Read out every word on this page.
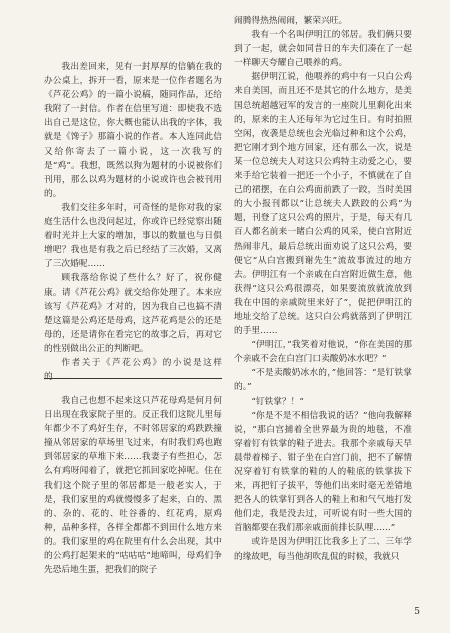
我出差回来，见有一封厚厚的信躺在我的办公桌上，拆开一看，原来是一位作者题名为《芦花公鸡》的一篇小说稿，随同作品，还给我附了一封信。作者在信里写道：即使我不选出自己是这位，你大概也能认出我的字体，我就是《馋子》那篇小说的作者。本人连同此信又给你寄去了一篇小说，这一次我写的是“鸡”。我想，既然以狗为题材的小说被你们刊用，那么以鸡为题材的小说或许也会被刊用的。

我们交往多年时，可奇怪的是你对我的家庭生活什么也没问起过，你或许已经觉察出随着时光并上大家的增加，事以的数量也与日俱增吧？我也是有我之后已经结了三次婚，又离了三次婚呢……

顾我落给你说了些什么？好了，祝你健康。请《芦花公鸡》就交给你处理了。本来应该写《芦花鸡》才对的，因为我自己也搞不清楚这篇是公鸡还是母鸡，这芦花鸡是公的还是母的，还是请你在看完它的故事之后，再对它的性别做出公正的判断吧。

作者关于《芦花公鸡》的小说是这样的……

我自己也想不起来这只芦花母鸡是何月何日出现在我家院子里的。反正我们这院儿里每年都少不了鸡好生存，不时邻居家的鸡跌跌撞撞从邻居家的草场里飞过来，有时我们鸡也跑到邻居家的草堆下来……我妻子有些担心，怎么有鸡呀闻着了，就把它抓回家吃掉呢。住在我们这个院子里的邻居都是一般老实人，于是，我们家里的鸡就慢慢多了起来，白的、黑的、杂的、花的、吐谷番的、红花鸡，原鸡种，品种多样，各样全都都不到田什么地方来的。我们家里的鸡在院里有什么会出现，其中的公鸡打起架来的“咕咕咕”地啼叫，母鸡们争先恐后地生蛋，把我们的院子

闹腾得热热闹闹，繁荣兴旺。

我有一个名叫伊明江的邻居。我们俩只要到了一起，就会如同昔日的车夫们凑在了一起一样聊天夸耀自己喂养的鸡。

据伊明江说，他喂养的鸡中有一只白公鸡来自美国，而且还不是其它的什么地方，是美国总统超越冠军的发言的一座院儿里剩化出来的，原来的主人还每年为它过生日。有时拍照空闲，夜袭是总统也会光临过种和这个公鸡，把它刚才到个地方回家，还有那么一次，说是某一位总统夫人对这只公鸡特主动爱之心，要来手给它装着一把还一个小子，不慎就在了自己的裙摆，在白公鸡面前跌了一跤，当时美国的大小报刊都以“让总统夫人跌跤的公鸡”为题，刊登了这只公鸡的照片，于是，每天有几百人都名前来一睹白公鸡的风采，使白宫附近热闹非凡，最后总统出面劝说了这只公鸡，要便它“从白宫搬到谢先生”流故事流过的地方去。伊明江有一个亲戚在白宫附近做生意，他获得“这只公鸡很漂亮，如果要流放就流放到我在中国的亲戚院里来好了”，促把伊明江的地址交给了总统。这只白公鸡就落到了伊明江的手里……

“伊明江，”我笑着对他说，“你在美国的那个亲戚不会在白宫门口卖酸奶冰水吧？”

“不是卖酸奶冰水的，”他回答：“是钉铁掌的。”

“钉铁掌？！”

“你是不是不相信我说的话？”他向我解释说，“那白宫捕着全世界最为贵的地毯，不准穿着钉有铁掌的鞋子进去。我那个亲戚每天早晨带着梯子、钳子坐在白宫门前，把不了解情况穿着钉有铁掌的鞋的人的鞋底的铁掌拔下来，再把钉子拔平，等他们出来时毫无差错地把各人的铁掌钉到各人的鞋上和和气气地打发他们走，我是没去过，可听说有时一些大国的首脑都要在我们那亲戚面前排长队哩……”

或许是因为伊明江比我多上了二、三年学的缘故吧，每当他胡吹乱侃的时候，我就只

5
